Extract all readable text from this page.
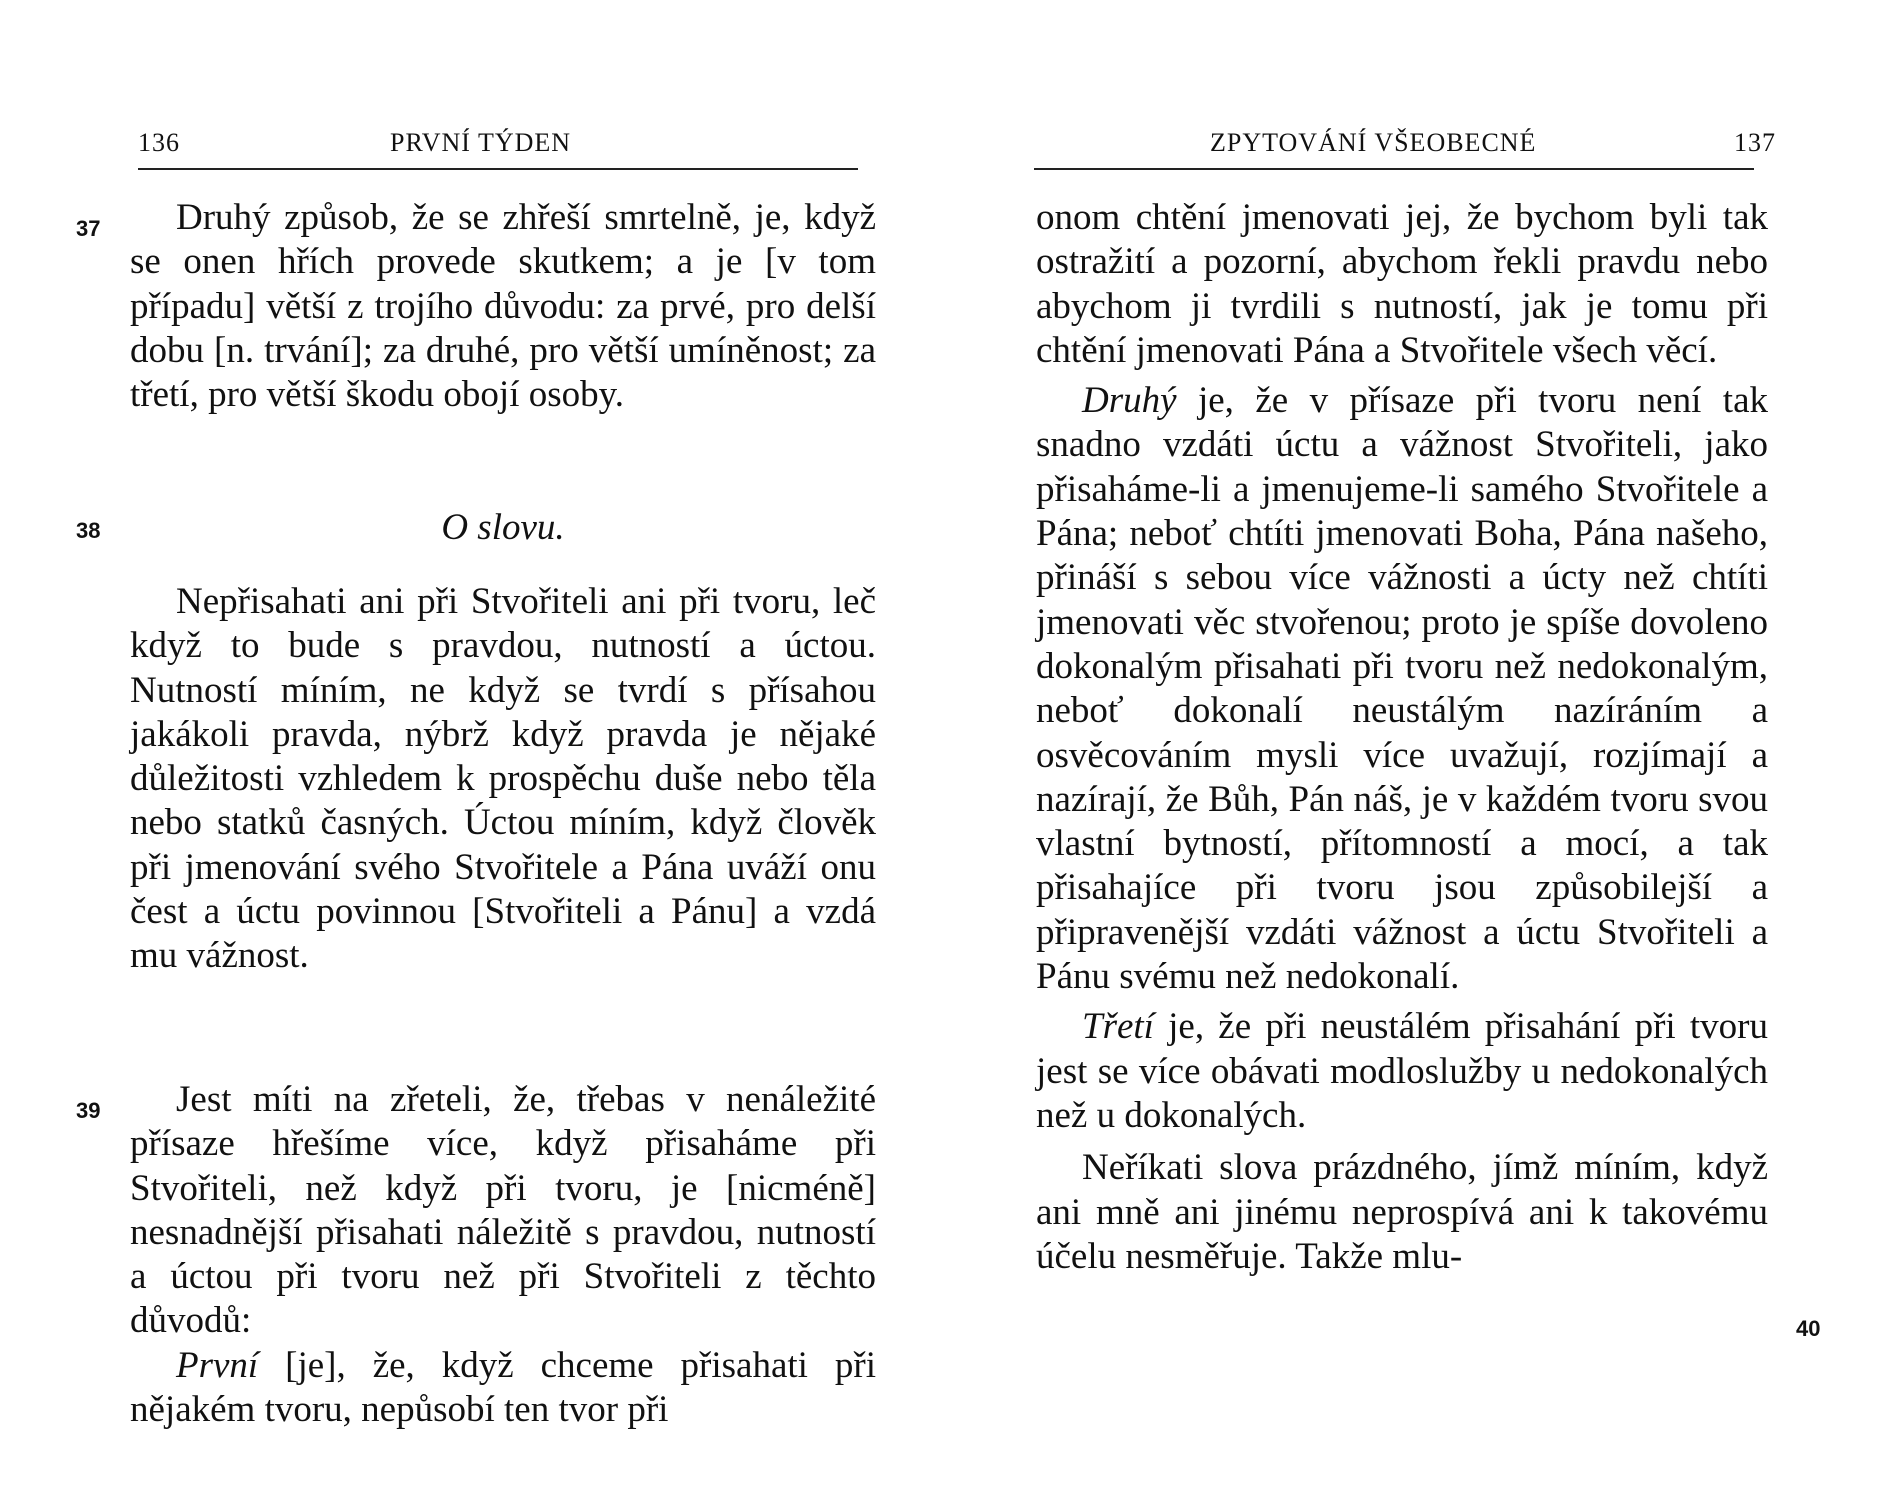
136	PRVNÍ TÝDEN
37	Druhý způsob, že se zhřeší smrtelně, je, když se onen hřích provede skutkem; a je [v tom případu] větší z trojího důvodu: za prvé, pro delší dobu [n. trvání]; za druhé, pro větší umíněnost; za třetí, pro větší škodu obojí osoby.

38	O slovu.

Nepřisahati ani při Stvořiteli ani při tvoru, leč když to bude s pravdou, nutností a úctou. Nutností míním, ne když se tvrdí s přísahou jakákoli pravda, nýbrž když pravda je nějaké důležitosti vzhledem k prospěchu duše nebo těla nebo statků časných. Úctou míním, když člověk při jmenování svého Stvořitele a Pána uváží onu čest a úctu povinnou [Stvořiteli a Pánu] a vzdá mu vážnost.

39	Jest míti na zřeteli, že, třebas v nenáležité přísaze hřešíme více, když přisaháme při Stvořiteli, než když při tvoru, je [nicméně] nesnadnější přisahati náležitě s pravdou, nutností a úctou při tvoru než při Stvořiteli z těchto důvodů:

První [je], že, když chceme přisahati při nějakém tvoru, nepůsobí ten tvor při

ZPYTOVÁNÍ VŠEOBECNÉ	137

onom chtění jmenovati jej, že bychom byli tak ostražití a pozorní, abychom řekli pravdu nebo abychom ji tvrdili s nutností, jak je tomu při chtění jmenovati Pána a Stvořitele všech věcí.

Druhý je, že v přísaze při tvoru není tak snadno vzdáti úctu a vážnost Stvořiteli, jako přisaháme-li a jmenujeme-li samého Stvořitele a Pána; neboť chtíti jmenovati Boha, Pána našeho, přináší s sebou více vážnosti a úcty než chtíti jmenovati věc stvořenou; proto je spíše dovoleno dokonalým přisahati při tvoru než nedokonalým, neboť dokonalí neustálým nazíráním a osvěcováním mysli více uvažují, rozjímají a nazírají, že Bůh, Pán náš, je v každém tvoru svou vlastní bytností, přítomností a mocí, a tak přisahajíce při tvoru jsou způsobilejší a připravenější vzdáti vážnost a úctu Stvořiteli a Pánu svému než nedokonalí.

Třetí je, že při neustálém přisahání při tvoru jest se více obávati modloslužby u nedokonalých než u dokonalých.

Neříkati slova prázdného, jímž míním, když ani mně ani jinému neprospívá ani k takovému účelu nesměřuje. Takže mlu-

40
